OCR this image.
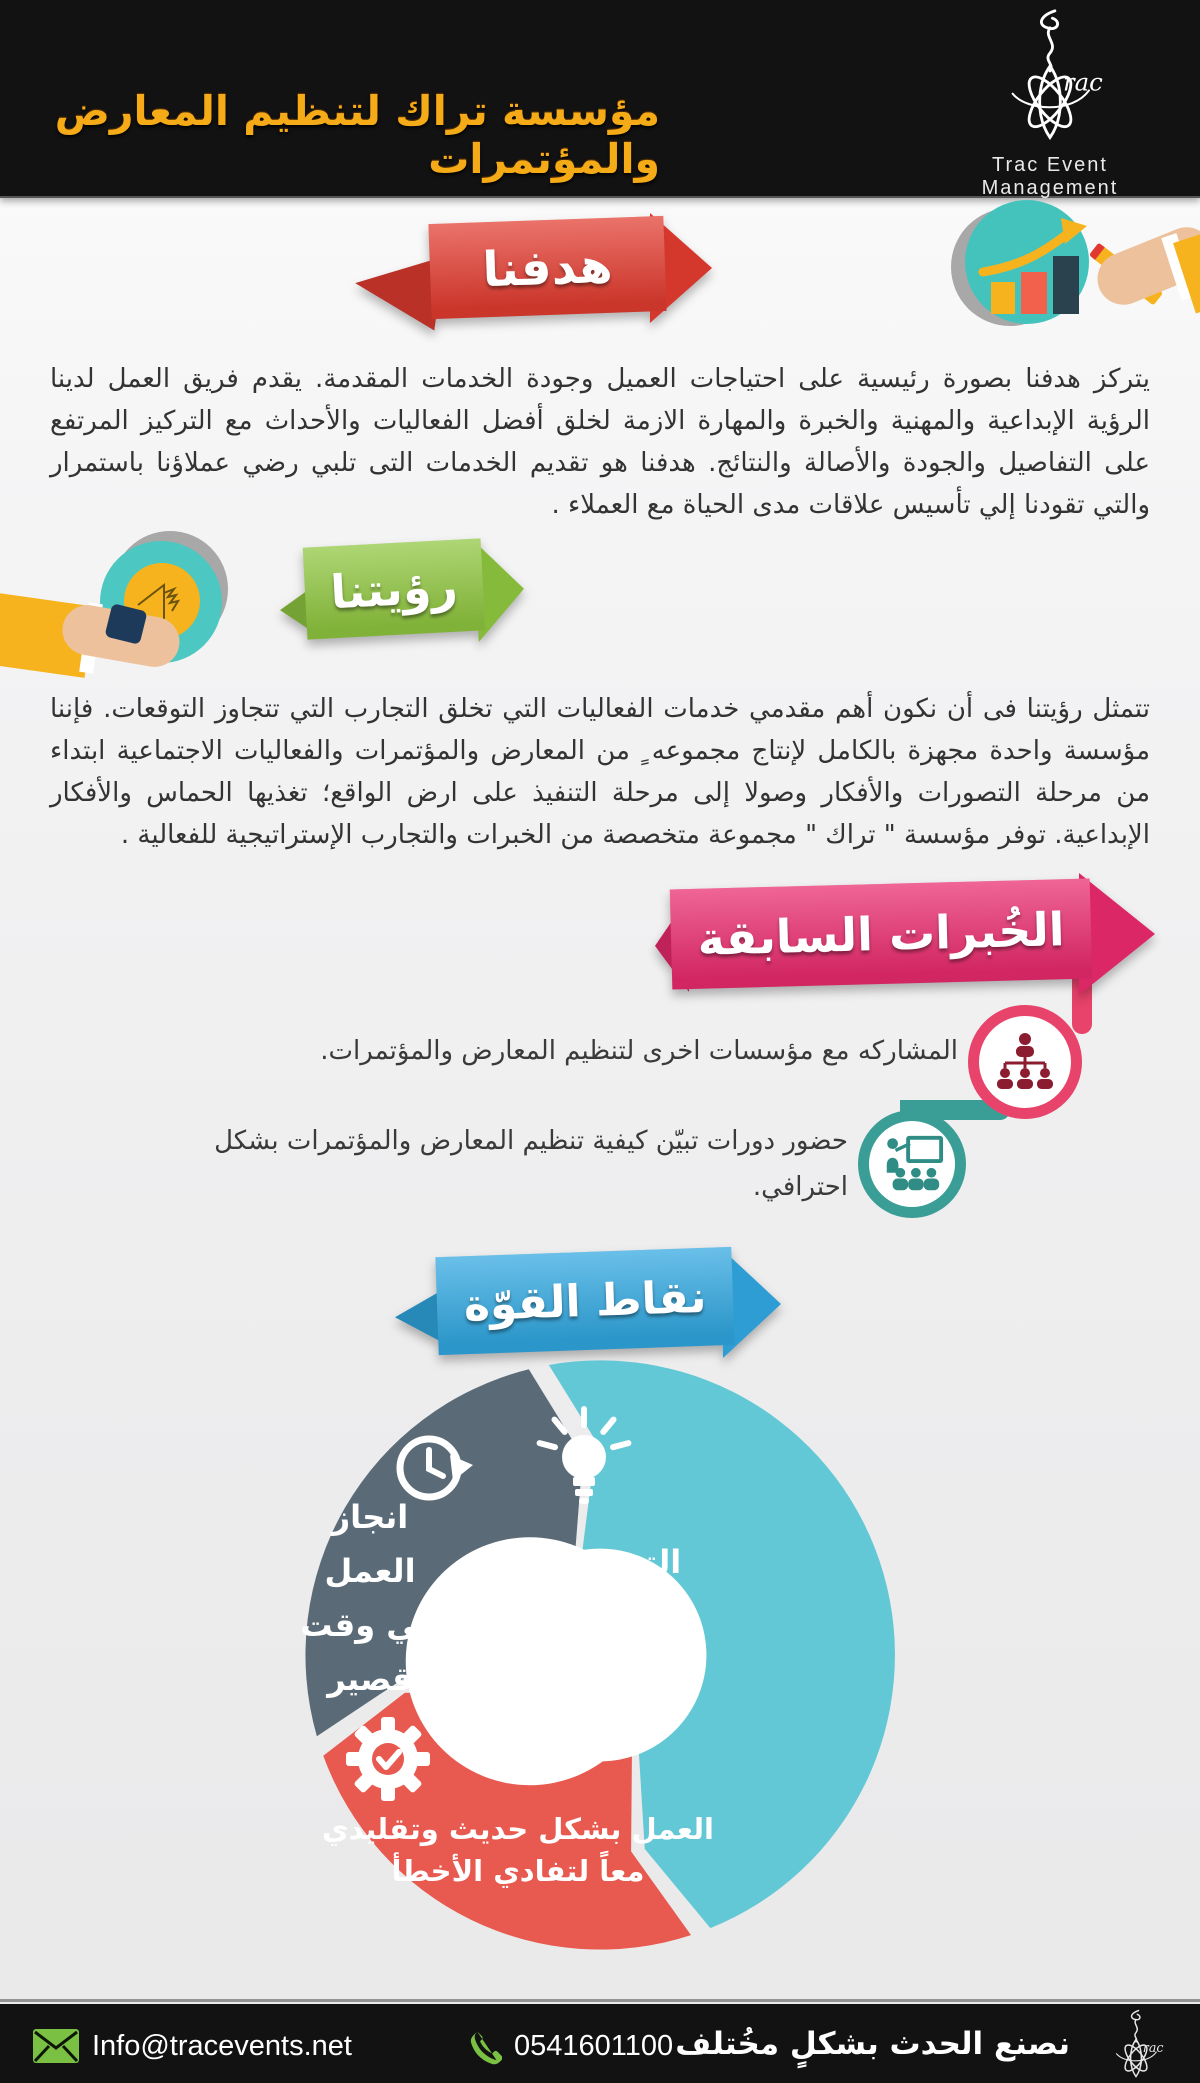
مؤسسة تراك لتنظيم المعارض والمؤتمرات	Trac Event Management
هدفنا

يتركز هدفنا بصورة رئيسية على احتياجات العميل وجودة الخدمات المقدمة. يقدم فريق العمل لدينا الرؤية الإبداعية والمهنية والخبرة والمهارة الازمة لخلق أفضل الفعاليات والأحداث مع التركيز المرتفع على التفاصيل والجودة والأصالة والنتائج. هدفنا هو تقديم الخدمات التى تلبي رضي عملاؤنا باستمرار والتي تقودنا إلي تأسيس علاقات مدى الحياة مع العملاء .

رؤيتنا

تتمثل رؤيتنا فى أن نكون أهم مقدمي خدمات الفعاليات التي تخلق التجارب التي تتجاوز التوقعات. فإننا مؤسسة واحدة مجهزة بالكامل لإنتاج مجموعه ٍ من المعارض والمؤتمرات والفعاليات الاجتماعية ابتداء من مرحلة التصورات والأفكار وصولا إلى مرحلة التنفيذ على ارض الواقع؛ تغذيها الحماس والأفكار الإبداعية. توفر مؤسسة " تراك " مجموعة متخصصة من الخبرات والتجارب الإستراتيجية للفعالية .

الخُبرات السابقة
المشاركه مع مؤسسات اخرى لتنظيم المعارض والمؤتمرات.
حضور دورات تبيّن كيفية تنظيم المعارض والمؤتمرات بشكل
احترافي.
نقاط القوّة
انجاز
العمل
في وقت
قصير
التميز
والابداع
و الدقه
العمل بشكل حديث وتقليدي
معاً لتفادي الأخطأ
Info@tracevents.net	0541601100 نصنع الحدث بشكلٍ مخُتلف
